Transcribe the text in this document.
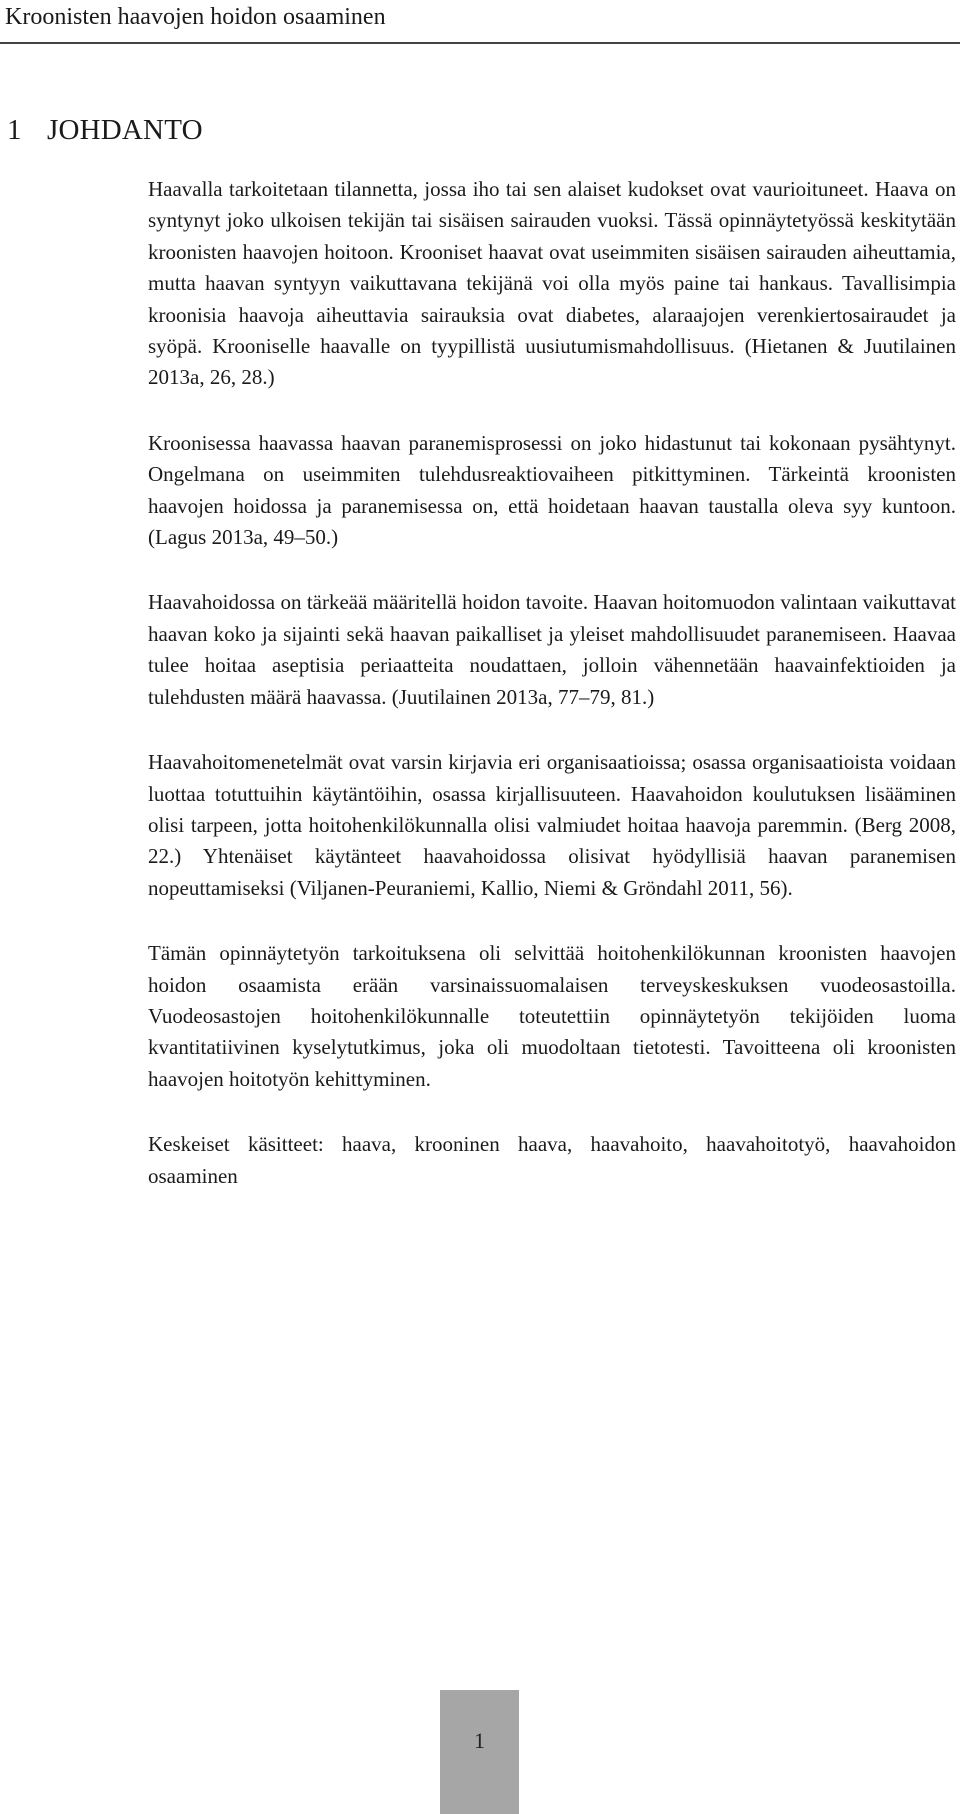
Kroonisten haavojen hoidon osaaminen
1 JOHDANTO

Haavalla tarkoitetaan tilannetta, jossa iho tai sen alaiset kudokset ovat vaurioituneet. Haava on syntynyt joko ulkoisen tekijän tai sisäisen sairauden vuoksi. Tässä opinnäytetyössä keskitytään kroonisten haavojen hoitoon. Krooniset haavat ovat useimmiten sisäisen sairauden aiheuttamia, mutta haavan syntyyn vaikuttavana tekijänä voi olla myös paine tai hankaus. Tavallisimpia kroonisia haavoja aiheuttavia sairauksia ovat diabetes, alaraajojen verenkiertosairaudet ja syöpä. Krooniselle haavalle on tyypillistä uusiutumismahdollisuus. (Hietanen & Juutilainen 2013a, 26, 28.)

Kroonisessa haavassa haavan paranemisprosessi on joko hidastunut tai kokonaan pysähtynyt. Ongelmana on useimmiten tulehdusreaktiovaiheen pitkittyminen. Tärkeintä kroonisten haavojen hoidossa ja paranemisessa on, että hoidetaan haavan taustalla oleva syy kuntoon. (Lagus 2013a, 49–50.)

Haavahoidossa on tärkeää määritellä hoidon tavoite. Haavan hoitomuodon valintaan vaikuttavat haavan koko ja sijainti sekä haavan paikalliset ja yleiset mahdollisuudet paranemiseen. Haavaa tulee hoitaa aseptisia periaatteita noudattaen, jolloin vähennetään haavainfektioiden ja tulehdusten määrä haavassa. (Juutilainen 2013a, 77–79, 81.)

Haavahoitomenetelmät ovat varsin kirjavia eri organisaatioissa; osassa organisaatioista voidaan luottaa totuttuihin käytäntöihin, osassa kirjallisuuteen. Haavahoidon koulutuksen lisääminen olisi tarpeen, jotta hoitohenkilökunnalla olisi valmiudet hoitaa haavoja paremmin. (Berg 2008, 22.) Yhtenäiset käytänteet haavahoidossa olisivat hyödyllisiä haavan paranemisen nopeuttamiseksi (Viljanen-Peuraniemi, Kallio, Niemi & Gröndahl 2011, 56).

Tämän opinnäytetyön tarkoituksena oli selvittää hoitohenkilökunnan kroonisten haavojen hoidon osaamista erään varsinaissuomalaisen terveyskeskuksen vuodeosastoilla. Vuodeosastojen hoitohenkilökunnalle toteutettiin opinnäytetyön tekijöiden luoma kvantitatiivinen kyselytutkimus, joka oli muodoltaan tietotesti. Tavoitteena oli kroonisten haavojen hoitotyön kehittyminen.

Keskeiset käsitteet: haava, krooninen haava, haavahoito, haavahoitotyö, haavahoidon osaaminen

1
